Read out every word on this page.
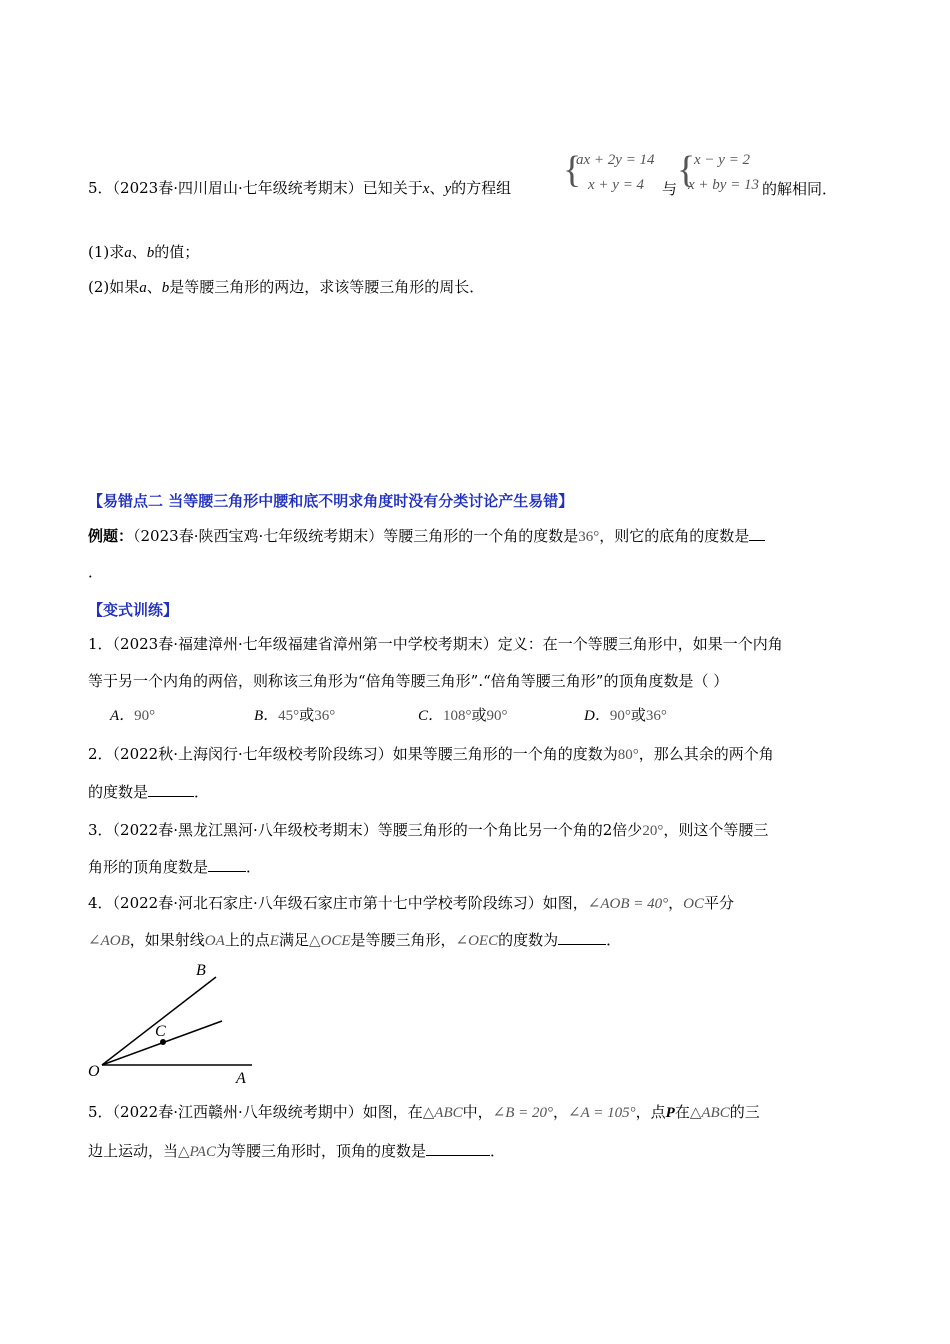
5．（2023春·四川眉山·七年级统考期末）已知关于x、y的方程组 {
ax + 2y = 14
x + y = 4 与 {
x − y = 2
x + by = 13 的解相同．
(1)求a、b的值；
(2)如果a、b是等腰三角形的两边，求该等腰三角形的周长．
【易错点二 当等腰三角形中腰和底不明求角度时没有分类讨论产生易错】
例题：（2023春·陕西宝鸡·七年级统考期末）等腰三角形的一个角的度数是36°，则它的底角的度数是
．
【变式训练】
1．（2023春·福建漳州·七年级福建省漳州第一中学校考期末）定义：在一个等腰三角形中，如果一个内角
等于另一个内角的两倍，则称该三角形为“倍角等腰三角形”.“倍角等腰三角形”的顶角度数是（ ）
A．90°	B．45°或36°	C．108°或90°	D．90°或36°
2．（2022秋·上海闵行·七年级校考阶段练习）如果等腰三角形的一个角的度数为80°，那么其余的两个角
的度数是	．
3．（2022春·黑龙江黑河·八年级校考期末）等腰三角形的一个角比另一个角的2倍少20°，则这个等腰三
角形的顶角度数是	．
4．（2022春·河北石家庄·八年级石家庄市第十七中学校考阶段练习）如图，∠AOB = 40°，OC平分
∠AOB，如果射线OA上的点E满足△OCE是等腰三角形，∠OEC的度数为	．
B
C
O	A
5．（2022春·江西赣州·八年级统考期中）如图，在△ABC中，∠B = 20°，∠A = 105°，点P在△ABC的三
边上运动，当△PAC为等腰三角形时，顶角的度数是	．
